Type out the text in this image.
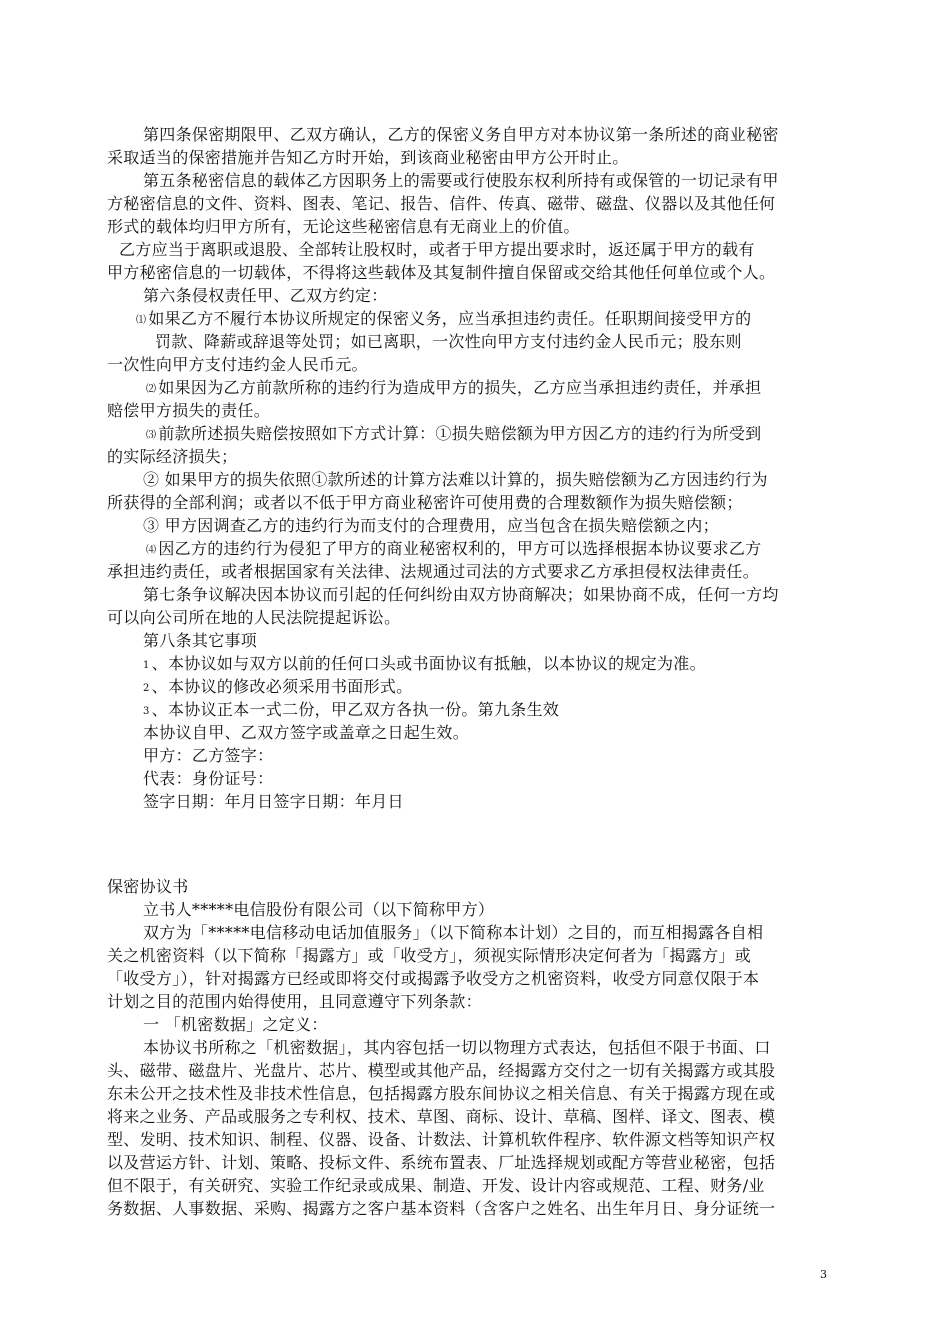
第四条保密期限甲、乙双方确认，乙方的保密义务自甲方对本协议第一条所述的商业秘密
采取适当的保密措施并告知乙方时开始，到该商业秘密由甲方公开时止。
第五条秘密信息的载体乙方因职务上的需要或行使股东权利所持有或保管的一切记录有甲
方秘密信息的文件、资料、图表、笔记、报告、信件、传真、磁带、磁盘、仪器以及其他任何
形式的载体均归甲方所有，无论这些秘密信息有无商业上的价值。
乙方应当于离职或退股、全部转让股权时，或者于甲方提出要求时，返还属于甲方的载有
甲方秘密信息的一切载体，不得将这些载体及其复制件擅自保留或交给其他任何单位或个人。
第六条侵权责任甲、乙双方约定：
⑴ 如果乙方不履行本协议所规定的保密义务，应当承担违约责任。任职期间接受甲方的
罚款、降薪或辞退等处罚；如已离职，一次性向甲方支付违约金人民币元；股东则
一次性向甲方支付违约金人民币元。
⑵ 如果因为乙方前款所称的违约行为造成甲方的损失，乙方应当承担违约责任，并承担
赔偿甲方损失的责任。
⑶ 前款所述损失赔偿按照如下方式计算：①损失赔偿额为甲方因乙方的违约行为所受到
的实际经济损失；
② 如果甲方的损失依照①款所述的计算方法难以计算的，损失赔偿额为乙方因违约行为
所获得的全部利润；或者以不低于甲方商业秘密许可使用费的合理数额作为损失赔偿额；
③ 甲方因调查乙方的违约行为而支付的合理费用，应当包含在损失赔偿额之内；
⑷ 因乙方的违约行为侵犯了甲方的商业秘密权利的，甲方可以选择根据本协议要求乙方
承担违约责任，或者根据国家有关法律、法规通过司法的方式要求乙方承担侵权法律责任。
第七条争议解决因本协议而引起的任何纠纷由双方协商解决；如果协商不成，任何一方均
可以向公司所在地的人民法院提起诉讼。
第八条其它事项
1 、本协议如与双方以前的任何口头或书面协议有抵触，以本协议的规定为准。
2 、本协议的修改必须采用书面形式。
3 、本协议正本一式二份，甲乙双方各执一份。第九条生效
本协议自甲、乙双方签字或盖章之日起生效。
甲方：乙方签字：
代表：身份证号：
签字日期：年月日签字日期：年月日
保密协议书
立书人*****电信股份有限公司（以下简称甲方）
双方为「*****电信移动电话加值服务」（以下简称本计划）之目的，而互相揭露各自相
关之机密资料（以下简称「揭露方」或「收受方」，须视实际情形决定何者为「揭露方」或
「收受方」），针对揭露方已经或即将交付或揭露予收受方之机密资料，收受方同意仅限于本
计划之目的范围内始得使用，且同意遵守下列条款：
一 「机密数据」之定义：
本协议书所称之「机密数据」，其内容包括一切以物理方式表达，包括但不限于书面、口
头、磁带、磁盘片、光盘片、芯片、模型或其他产品，经揭露方交付之一切有关揭露方或其股
东未公开之技术性及非技术性信息，包括揭露方股东间协议之相关信息、有关于揭露方现在或
将来之业务、产品或服务之专利权、技术、草图、商标、设计、草稿、图样、译文、图表、模
型、发明、技术知识、制程、仪器、设备、计数法、计算机软件程序、软件源文档等知识产权
以及营运方针、计划、策略、投标文件、系统布置表、厂址选择规划或配方等营业秘密，包括
但不限于，有关研究、实验工作纪录或成果、制造、开发、设计内容或规范、工程、财务/业
务数据、人事数据、采购、揭露方之客户基本资料（含客户之姓名、出生年月日、身分证统一
3
